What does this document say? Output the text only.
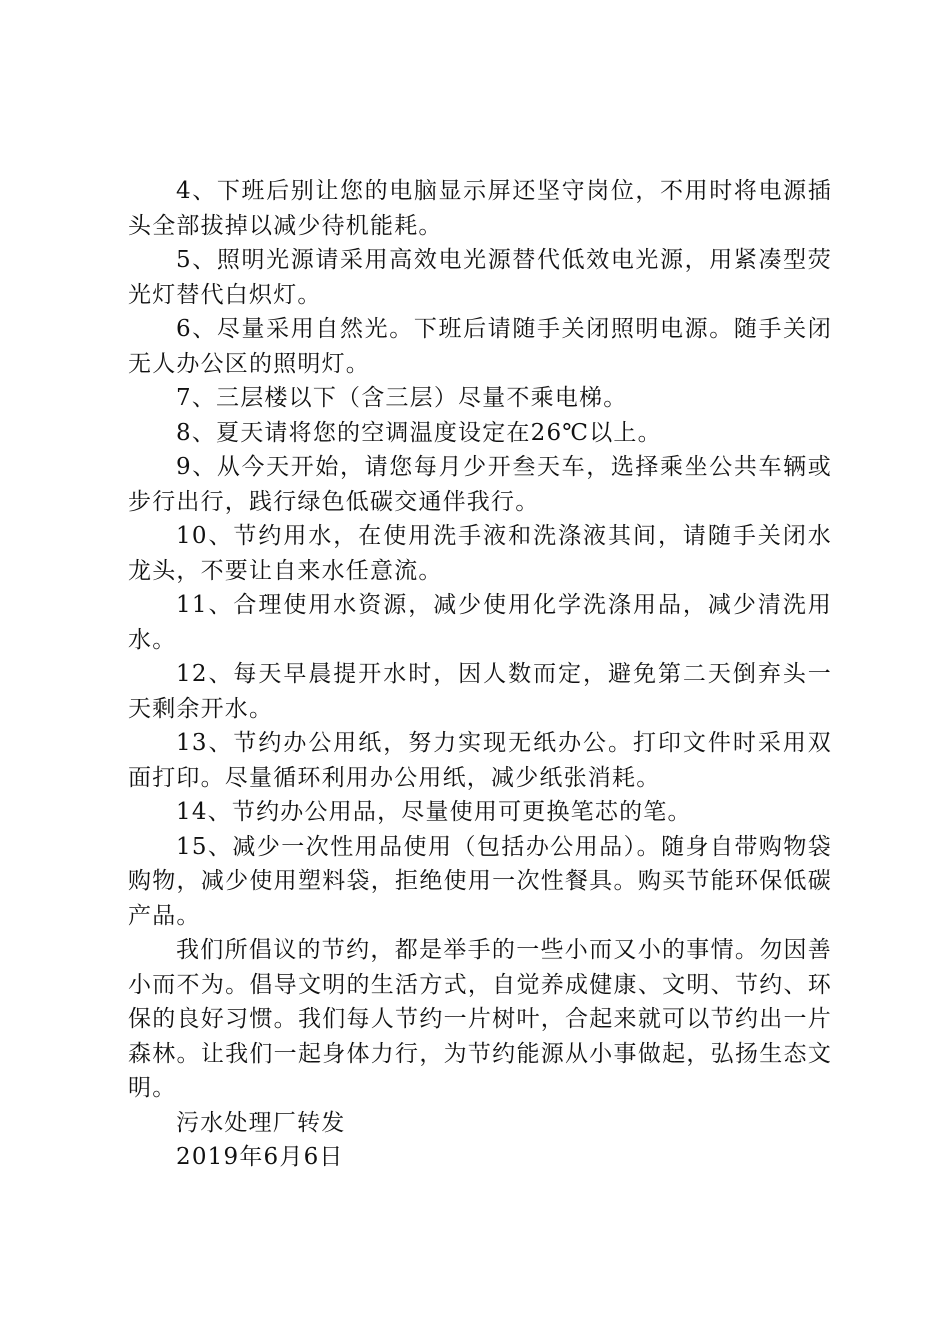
4、下班后别让您的电脑显示屏还坚守岗位，不用时将电源插头全部拔掉以减少待机能耗。

5、照明光源请采用高效电光源替代低效电光源，用紧凑型荧光灯替代白炽灯。

6、尽量采用自然光。下班后请随手关闭照明电源。随手关闭无人办公区的照明灯。

7、三层楼以下（含三层）尽量不乘电梯。

8、夏天请将您的空调温度设定在26℃以上。

9、从今天开始，请您每月少开叁天车，选择乘坐公共车辆或步行出行，践行绿色低碳交通伴我行。

10、节约用水，在使用洗手液和洗涤液其间，请随手关闭水龙头，不要让自来水任意流。

11、合理使用水资源，减少使用化学洗涤用品，减少清洗用水。

12、每天早晨提开水时，因人数而定，避免第二天倒弃头一天剩余开水。

13、节约办公用纸，努力实现无纸办公。打印文件时采用双面打印。尽量循环利用办公用纸，减少纸张消耗。

14、节约办公用品，尽量使用可更换笔芯的笔。

15、减少一次性用品使用（包括办公用品）。随身自带购物袋购物，减少使用塑料袋，拒绝使用一次性餐具。购买节能环保低碳产品。

我们所倡议的节约，都是举手的一些小而又小的事情。勿因善小而不为。倡导文明的生活方式，自觉养成健康、文明、节约、环保的良好习惯。我们每人节约一片树叶，合起来就可以节约出一片森林。让我们一起身体力行，为节约能源从小事做起，弘扬生态文明。

污水处理厂转发

2019年6月6日
